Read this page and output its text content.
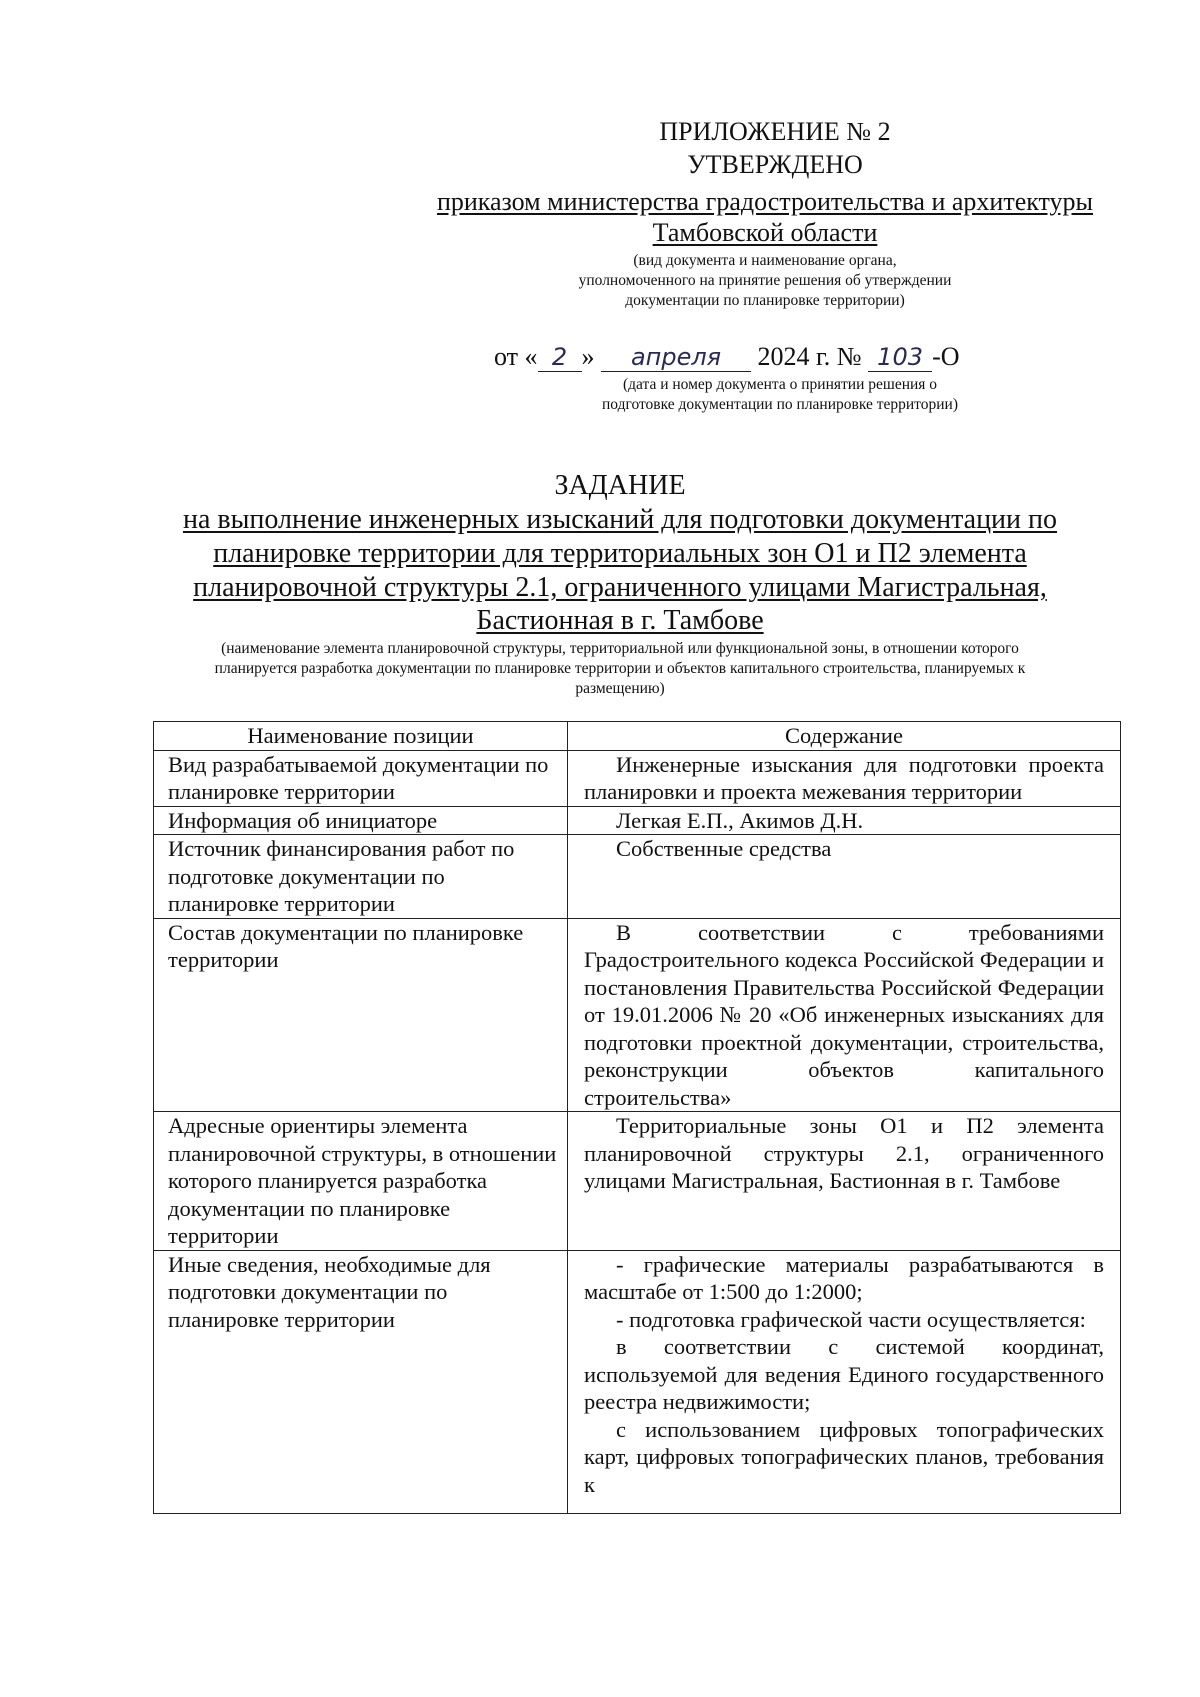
ПРИЛОЖЕНИЕ № 2
УТВЕРЖДЕНО
приказом министерства градостроительства и архитектуры
Тамбовской области
(вид документа и наименование органа,
уполномоченного на принятие решения об утверждении
документации по планировке территории)
от « 2 » апреля 2024 г. № 103 -О
(дата и номер документа о принятии решения о
подготовке документации по планировке территории)
ЗАДАНИЕ
на выполнение инженерных изысканий для подготовки документации по
планировке территории для территориальных зон О1 и П2 элемента
планировочной структуры 2.1, ограниченного улицами Магистральная,
Бастионная в г. Тамбове
(наименование элемента планировочной структуры, территориальной или функциональной зоны, в отношении которого
планируется разработка документации по планировке территории и объектов капитального строительства, планируемых к
размещению)
Наименование позиции	Содержание
Вид разрабатываемой документации по планировке территории	Инженерные изыскания для подготовки проекта планировки и проекта межевания территории

Информация об инициаторе	Легкая Е.П., Акимов Д.Н.

Источник финансирования работ по подготовке документации по планировке территории	Собственные средства

Состав документации по планировке территории	В соответствии с требованиями Градостроительного кодекса Российской Федерации и постановления Правительства Российской Федерации от 19.01.2006 № 20 «Об инженерных изысканиях для подготовки проектной документации, строительства, реконструкции объектов капитального строительства»

Адресные ориентиры элемента планировочной структуры, в отношении которого планируется разработка документации по планировке территории	Территориальные зоны О1 и П2 элемента планировочной структуры 2.1, ограниченного улицами Магистральная, Бастионная в г. Тамбове

Иные сведения, необходимые для подготовки документации по планировке территории	- графические материалы разрабатываются в масштабе от 1:500 до 1:2000;

- подготовка графической части осуществляется:

в соответствии с системой координат, используемой для ведения Единого государственного реестра недвижимости;

с использованием цифровых топографических карт, цифровых топографических планов, требования к
